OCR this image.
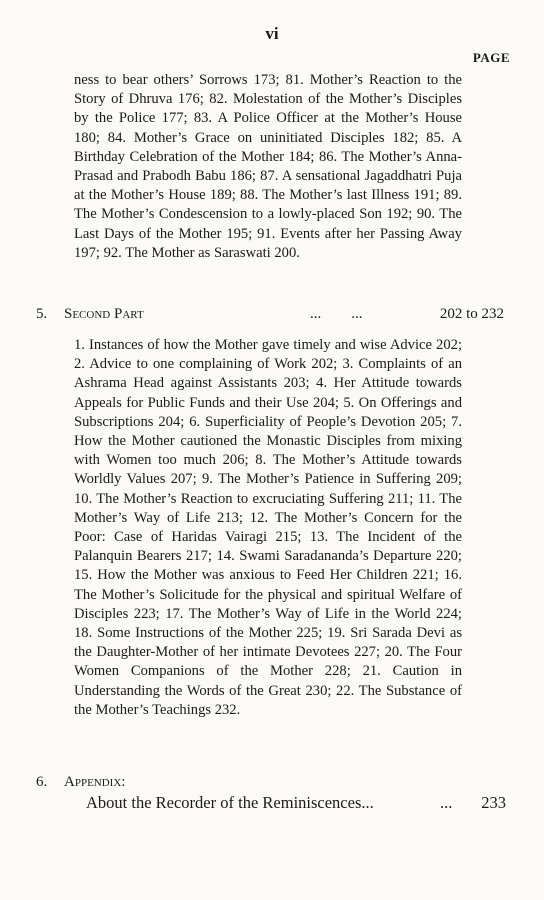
vi
PAGE
ness to bear others’ Sorrows 173; 81. Mother’s Reaction to the Story of Dhruva 176; 82. Molestation of the Mother’s Disciples by the Police 177; 83. A Police Officer at the Mother’s House 180; 84. Mother’s Grace on uninitiated Disciples 182; 85. A Birthday Celebration of the Mother 184; 86. The Mother’s Anna-Prasad and Prabodh Babu 186; 87. A sensational Jagaddhatri Puja at the Mother’s House 189; 88. The Mother’s last Illness 191; 89. The Mother’s Condescension to a lowly-placed Son 192; 90. The Last Days of the Mother 195; 91. Events after her Passing Away 197; 92. The Mother as Saraswati 200.
5. Second Part	...        ...	202 to 232
1. Instances of how the Mother gave timely and wise Advice 202; 2. Advice to one complaining of Work 202; 3. Complaints of an Ashrama Head against Assistants 203; 4. Her Attitude towards Appeals for Public Funds and their Use 204; 5. On Offerings and Subscriptions 204; 6. Superficiality of People’s Devotion 205; 7. How the Mother cautioned the Monastic Disciples from mixing with Women too much 206; 8. The Mother’s Attitude towards Worldly Values 207; 9. The Mother’s Patience in Suffering 209; 10. The Mother’s Reaction to excruciating Suffering 211; 11. The Mother’s Way of Life 213; 12. The Mother’s Concern for the Poor: Case of Haridas Vairagi 215; 13. The Incident of the Palanquin Bearers 217; 14. Swami Saradananda’s Departure 220; 15. How the Mother was anxious to Feed Her Children 221; 16. The Mother’s Solicitude for the physical and spiritual Welfare of Disciples 223; 17. The Mother’s Way of Life in the World 224; 18. Some Instructions of the Mother 225; 19. Sri Sarada Devi as the Daughter-Mother of her intimate Devotees 227; 20. The Four Women Companions of the Mother 228; 21. Caution in Understanding the Words of the Great 230; 22. The Substance of the Mother’s Teachings 232.
6. Appendix:
About the Recorder of the Reminiscences...	... 233
